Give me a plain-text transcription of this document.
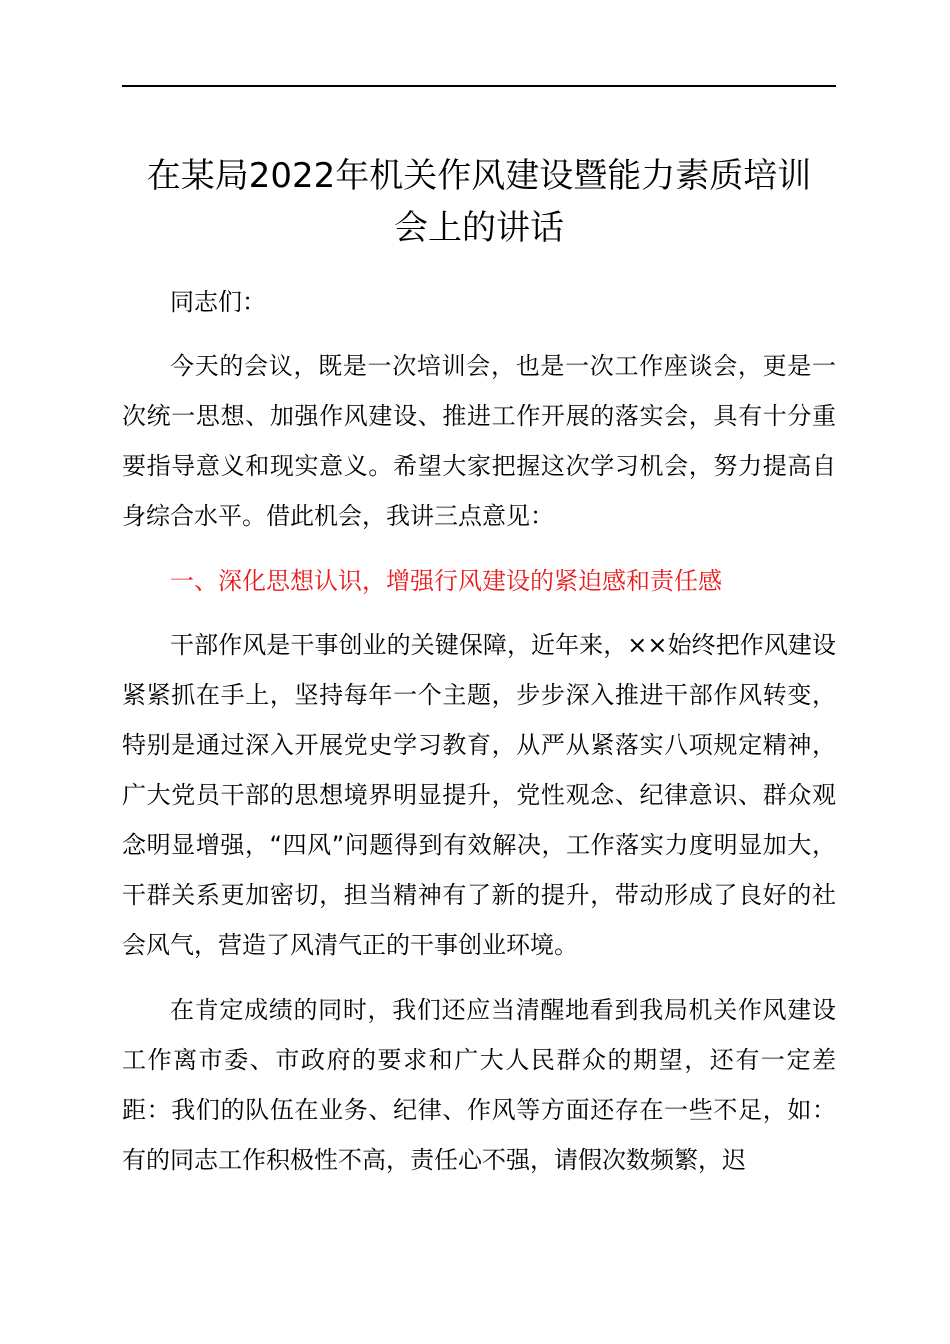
在某局2022年机关作风建设暨能力素质培训
会上的讲话

同志们：

今天的会议，既是一次培训会，也是一次工作座谈会，更是一次统一思想、加强作风建设、推进工作开展的落实会，具有十分重要指导意义和现实意义。希望大家把握这次学习机会，努力提高自身综合水平。借此机会，我讲三点意见：

一、深化思想认识，增强行风建设的紧迫感和责任感

干部作风是干事创业的关键保障，近年来，××始终把作风建设紧紧抓在手上，坚持每年一个主题，步步深入推进干部作风转变，特别是通过深入开展党史学习教育，从严从紧落实八项规定精神，广大党员干部的思想境界明显提升，党性观念、纪律意识、群众观念明显增强，“四风”问题得到有效解决，工作落实力度明显加大，干群关系更加密切，担当精神有了新的提升，带动形成了良好的社会风气，营造了风清气正的干事创业环境。

在肯定成绩的同时，我们还应当清醒地看到我局机关作风建设工作离市委、市政府的要求和广大人民群众的期望，还有一定差距：我们的队伍在业务、纪律、作风等方面还存在一些不足，如：有的同志工作积极性不高，责任心不强，请假次数频繁，迟
